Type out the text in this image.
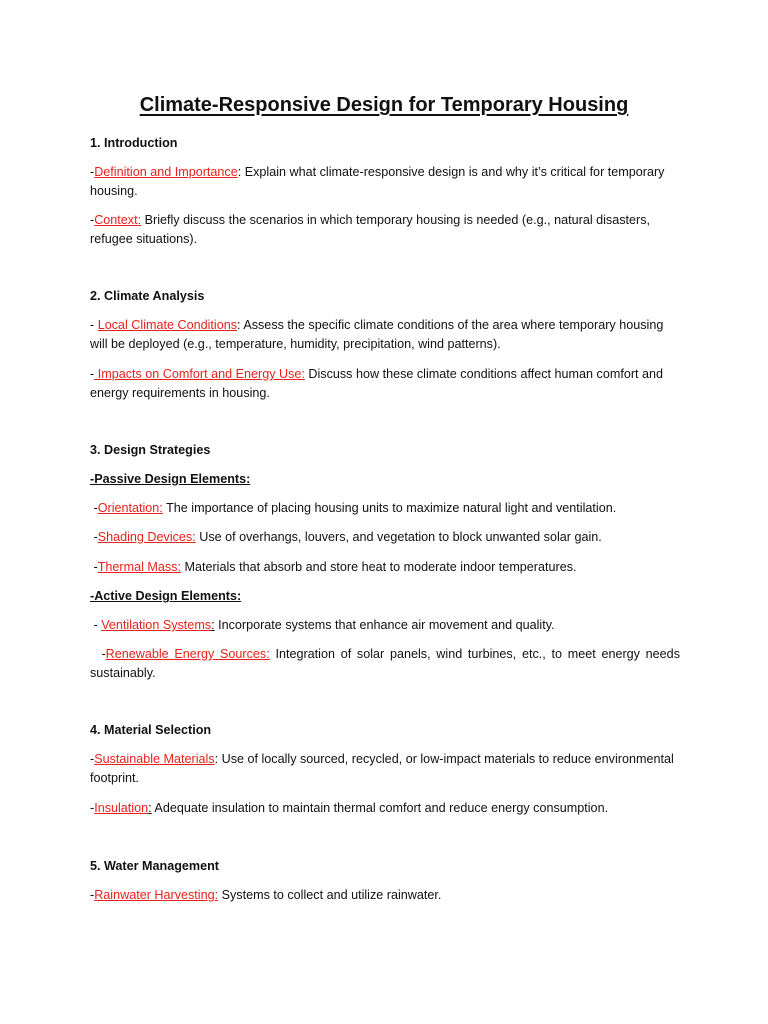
Climate-Responsive Design for Temporary Housing

1. Introduction

-Definition and Importance: Explain what climate-responsive design is and why it’s critical for temporary housing.

-Context: Briefly discuss the scenarios in which temporary housing is needed (e.g., natural disasters, refugee situations).

2. Climate Analysis

- Local Climate Conditions: Assess the specific climate conditions of the area where temporary housing will be deployed (e.g., temperature, humidity, precipitation, wind patterns).

- Impacts on Comfort and Energy Use: Discuss how these climate conditions affect human comfort and energy requirements in housing.

3. Design Strategies

-Passive Design Elements:

-Orientation: The importance of placing housing units to maximize natural light and ventilation.

-Shading Devices: Use of overhangs, louvers, and vegetation to block unwanted solar gain.

-Thermal Mass: Materials that absorb and store heat to moderate indoor temperatures.

-Active Design Elements:

- Ventilation Systems: Incorporate systems that enhance air movement and quality.

-Renewable Energy Sources: Integration of solar panels, wind turbines, etc., to meet energy needs sustainably.

4. Material Selection

-Sustainable Materials: Use of locally sourced, recycled, or low-impact materials to reduce environmental footprint.

-Insulation: Adequate insulation to maintain thermal comfort and reduce energy consumption.

5. Water Management

-Rainwater Harvesting: Systems to collect and utilize rainwater.
